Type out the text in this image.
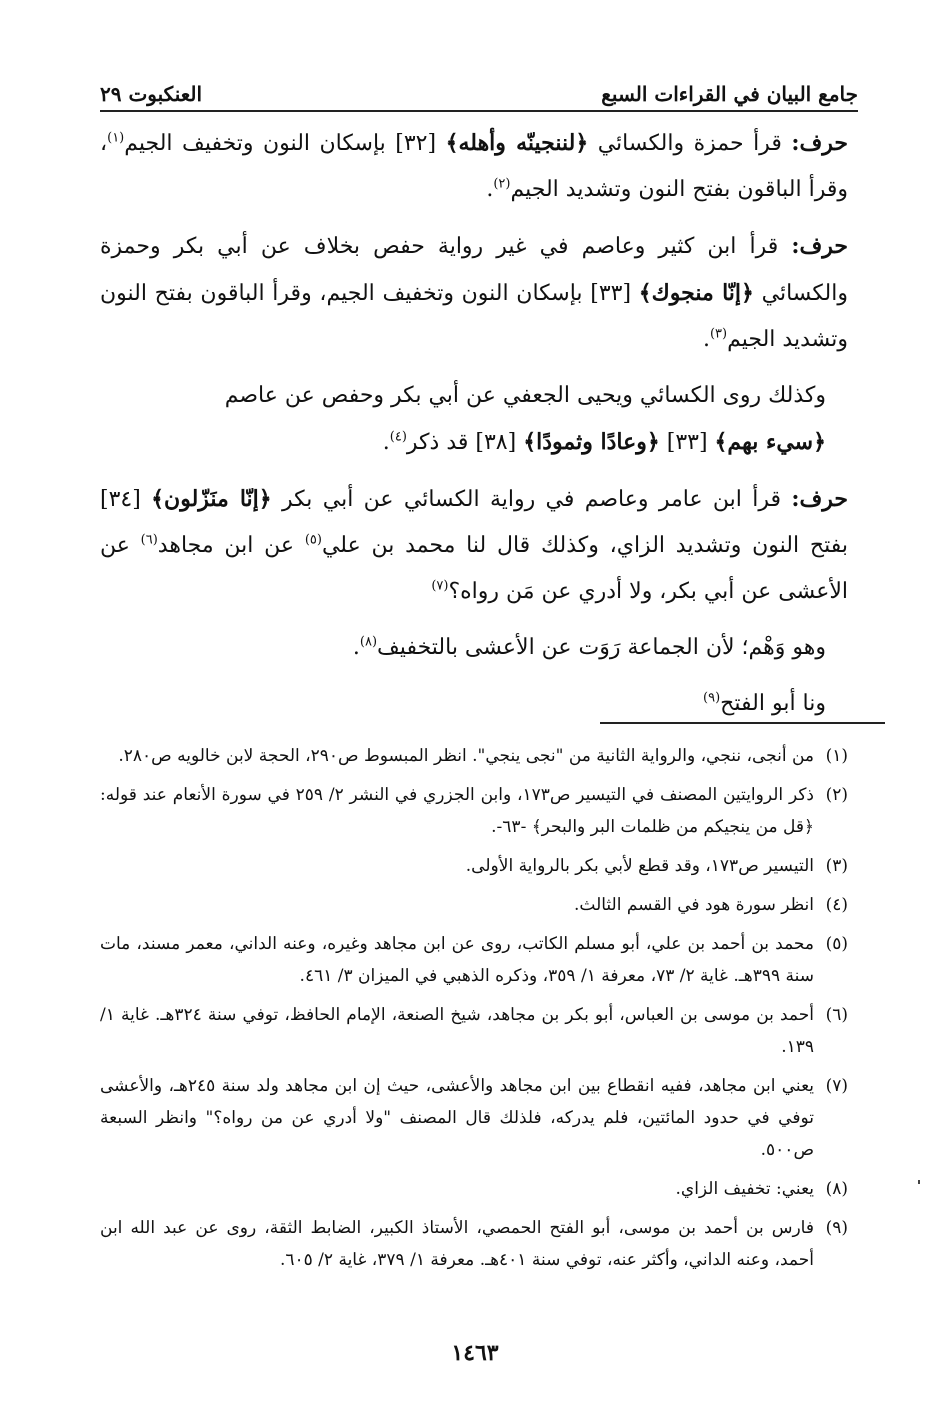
جامع البيان في القراءات السبع
العنكبوت ٢٩

حرف: قرأ حمزة والكسائي ﴿لننجينّه وأهله﴾ [٣٢] بإسكان النون وتخفيف الجيم$^{(١)}$، وقرأ الباقون بفتح النون وتشديد الجيم$^{(٢)}$.

حرف: قرأ ابن كثير وعاصم في غير رواية حفص بخلاف عن أبي بكر وحمزة والكسائي ﴿إنّا منجوك﴾ [٣٣] بإسكان النون وتخفيف الجيم، وقرأ الباقون بفتح النون وتشديد الجيم$^{(٣)}$.

وكذلك روى الكسائي ويحيى الجعفي عن أبي بكر وحفص عن عاصم

﴿سيء بهم﴾ [٣٣] ﴿وعادًا وثمودًا﴾ [٣٨] قد ذكر$^{(٤)}$.

حرف: قرأ ابن عامر وعاصم في رواية الكسائي عن أبي بكر ﴿إنّا منَزّلون﴾ [٣٤] بفتح النون وتشديد الزاي، وكذلك قال لنا محمد بن علي$^{(٥)}$ عن ابن مجاهد$^{(٦)}$ عن الأعشى عن أبي بكر، ولا أدري عن مَن رواه؟$^{(٧)}$

وهو وَهْم؛ لأن الجماعة رَوَت عن الأعشى بالتخفيف$^{(٨)}$.

ونا أبو الفتح$^{(٩)}$

(١)
من أنجى، ننجي، والرواية الثانية من "نجى ينجي". انظر المبسوط ص٢٩٠، الحجة لابن خالويه ص٢٨٠.
(٢)
ذكر الروايتين المصنف في التيسير ص١٧٣، وابن الجزري في النشر ٢/ ٢٥٩ في سورة الأنعام عند قوله: ﴿قل من ينجيكم من ظلمات البر والبحر﴾ -٦٣-.
(٣)
التيسير ص١٧٣، وقد قطع لأبي بكر بالرواية الأولى.
(٤)
انظر سورة هود في القسم الثالث.
(٥)
محمد بن أحمد بن علي، أبو مسلم الكاتب، روى عن ابن مجاهد وغيره، وعنه الداني، معمر مسند، مات سنة ٣٩٩هـ. غاية ٢/ ٧٣، معرفة ١/ ٣٥٩، وذكره الذهبي في الميزان ٣/ ٤٦١.
(٦)
أحمد بن موسى بن العباس، أبو بكر بن مجاهد، شيخ الصنعة، الإمام الحافظ، توفي سنة ٣٢٤هـ. غاية ١/ ١٣٩.
(٧)
يعني ابن مجاهد، ففيه انقطاع بين ابن مجاهد والأعشى، حيث إن ابن مجاهد ولد سنة ٢٤٥هـ، والأعشى توفي في حدود المائتين، فلم يدركه، فلذلك قال المصنف "ولا أدري عن من رواه؟" وانظر السبعة ص٥٠٠.
(٨)
يعني: تخفيف الزاي.
(٩)
فارس بن أحمد بن موسى، أبو الفتح الحمصي، الأستاذ الكبير، الضابط الثقة، روى عن عبد الله ابن أحمد، وعنه الداني، وأكثر عنه، توفي سنة ٤٠١هـ. معرفة ١/ ٣٧٩، غاية ٢/ ٦٠٥.
١٤٦٣
